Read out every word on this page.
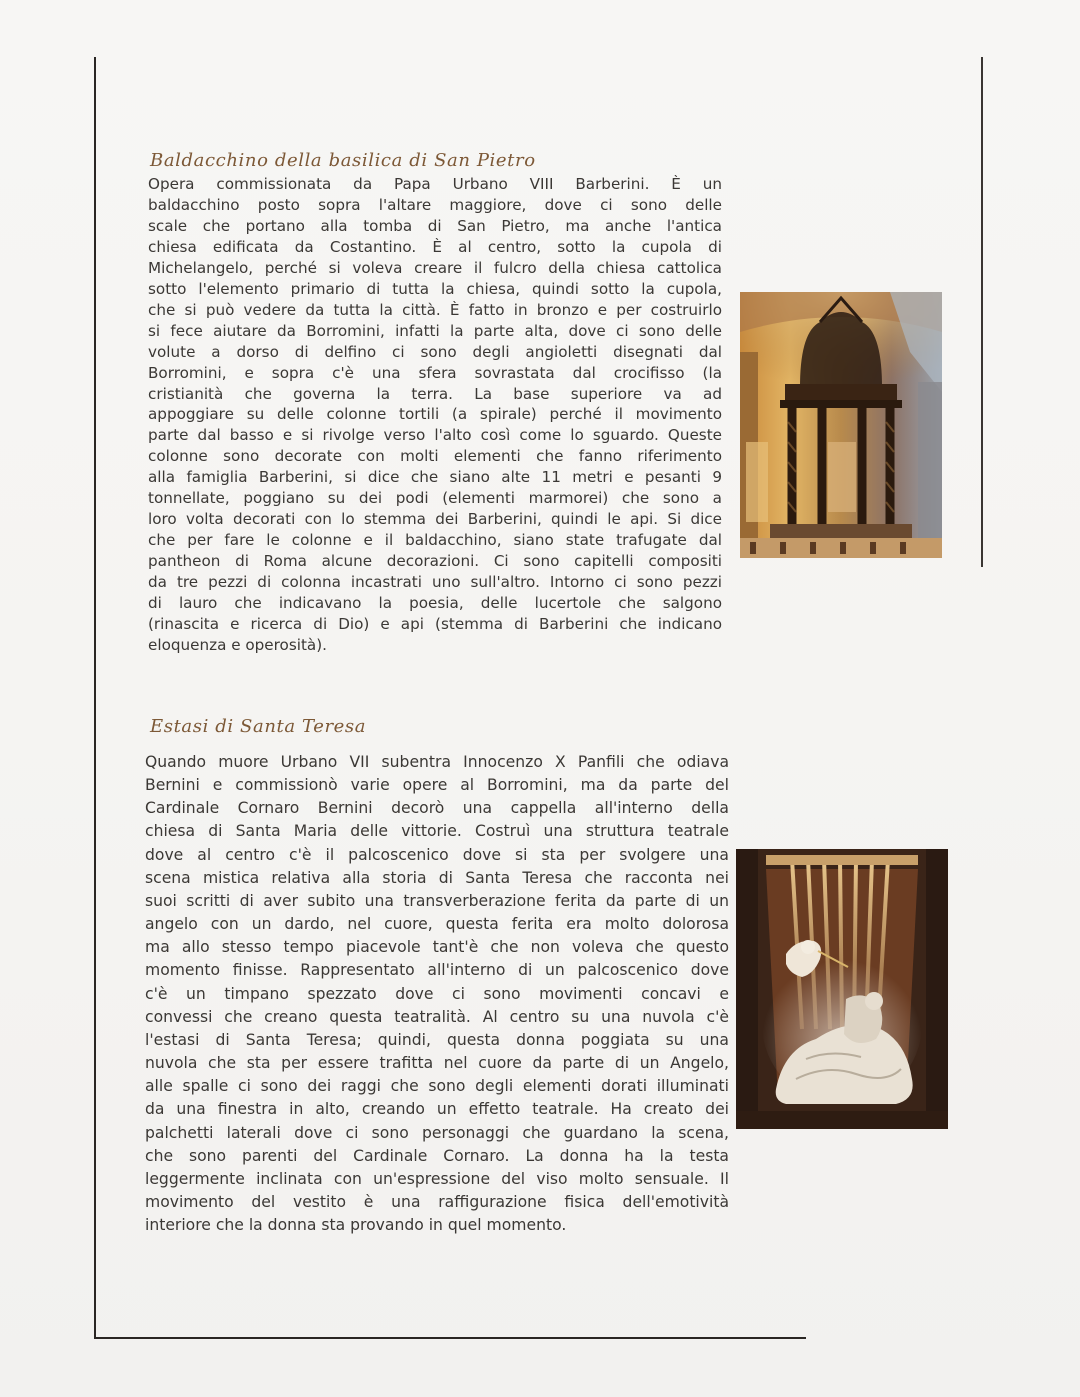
Baldacchino della basilica di San Pietro
Opera commissionata da Papa Urbano VIII Barberini. È un
baldacchino posto sopra l'altare maggiore, dove ci sono delle
scale che portano alla tomba di San Pietro, ma anche l'antica
chiesa edificata da Costantino. È al centro, sotto la cupola di
Michelangelo, perché si voleva creare il fulcro della chiesa cattolica
sotto l'elemento primario di tutta la chiesa, quindi sotto la cupola,
che si può vedere da tutta la città. È fatto in bronzo e per costruirlo
si fece aiutare da Borromini, infatti la parte alta, dove ci sono delle
volute a dorso di delfino ci sono degli angioletti disegnati dal
Borromini, e sopra c'è una sfera sovrastata dal crocifisso (la
cristianità che governa la terra. La base superiore va ad
appoggiare su delle colonne tortili (a spirale) perché il movimento
parte dal basso e si rivolge verso l'alto così come lo sguardo. Queste
colonne sono decorate con molti elementi che fanno riferimento
alla famiglia Barberini, si dice che siano alte 11 metri e pesanti 9
tonnellate, poggiano su dei podi (elementi marmorei) che sono a
loro volta decorati con lo stemma dei Barberini, quindi le api. Si dice
che per fare le colonne e il baldacchino, siano state trafugate dal
pantheon di Roma alcune decorazioni. Ci sono capitelli compositi
da tre pezzi di colonna incastrati uno sull'altro. Intorno ci sono pezzi
di lauro che indicavano la poesia, delle lucertole che salgono
(rinascita e ricerca di Dio) e api (stemma di Barberini che indicano
eloquenza e operosità).
Estasi di Santa Teresa
Quando muore Urbano VII subentra Innocenzo X Panfili che odiava
Bernini e commissionò varie opere al Borromini, ma da parte del
Cardinale Cornaro Bernini decorò una cappella all'interno della
chiesa di Santa Maria delle vittorie. Costruì una struttura teatrale
dove al centro c'è il palcoscenico dove si sta per svolgere una
scena mistica relativa alla storia di Santa Teresa che racconta nei
suoi scritti di aver subito una transverberazione ferita da parte di un
angelo con un dardo, nel cuore, questa ferita era molto dolorosa
ma allo stesso tempo piacevole tant'è che non voleva che questo
momento finisse. Rappresentato all'interno di un palcoscenico dove
c'è un timpano spezzato dove ci sono movimenti concavi e
convessi che creano questa teatralità. Al centro su una nuvola c'è
l'estasi di Santa Teresa; quindi, questa donna poggiata su una
nuvola che sta per essere trafitta nel cuore da parte di un Angelo,
alle spalle ci sono dei raggi che sono degli elementi dorati illuminati
da una finestra in alto, creando un effetto teatrale. Ha creato dei
palchetti laterali dove ci sono personaggi che guardano la scena,
che sono parenti del Cardinale Cornaro. La donna ha la testa
leggermente inclinata con un'espressione del viso molto sensuale. Il
movimento del vestito è una raffigurazione fisica dell'emotività
interiore che la donna sta provando in quel momento.
